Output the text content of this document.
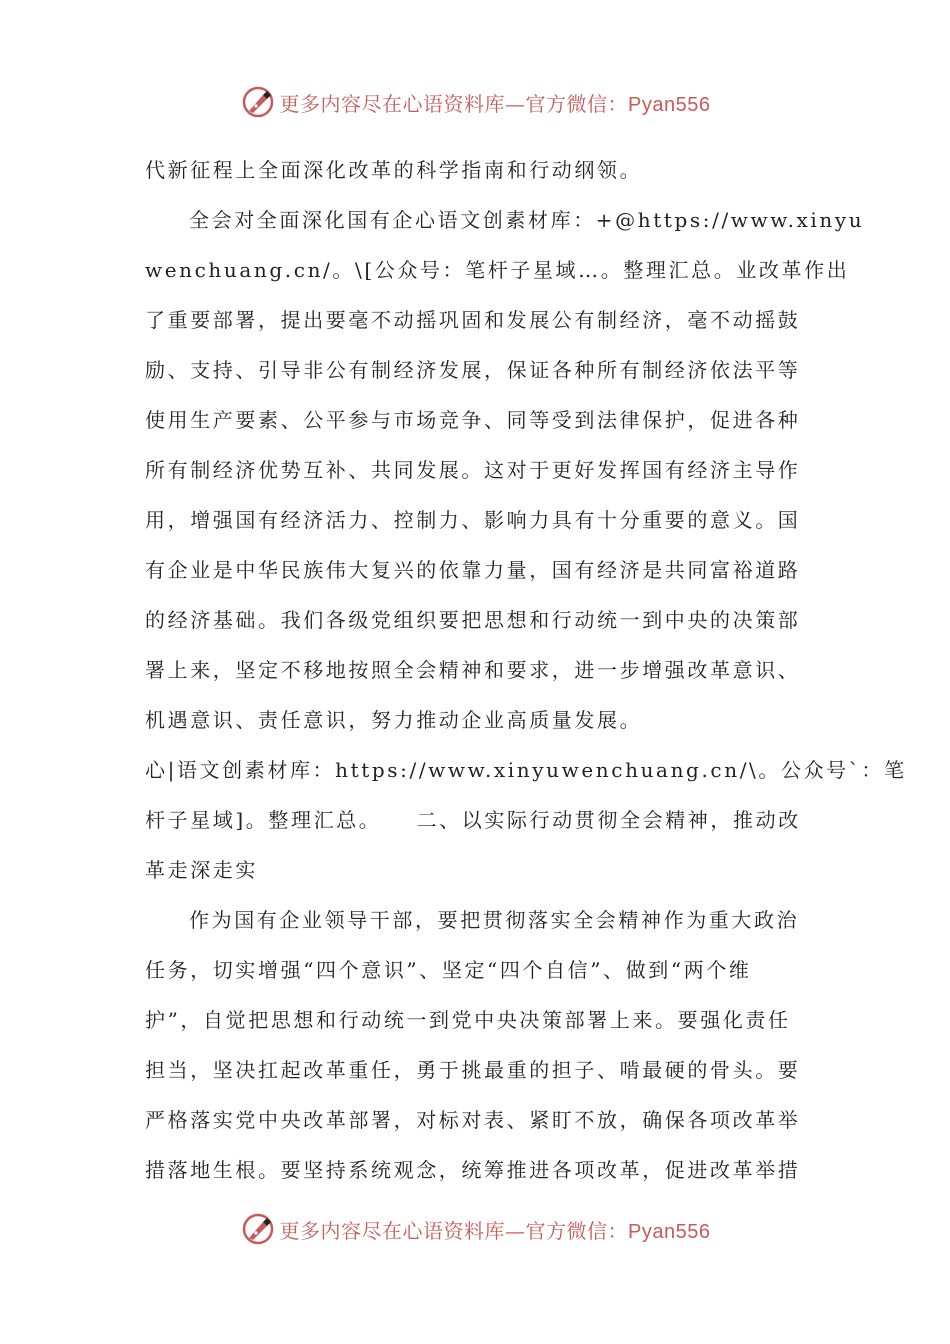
更多内容尽在心语资料库—官方微信：Pyan556
代新征程上全面深化改革的科学指南和行动纲领。
全会对全面深化国有企心语文创素材库：+@https://www.xinyu
wenchuang.cn/。\[公众号：笔杆子星域…。整理汇总。业改革作出
了重要部署，提出要毫不动摇巩固和发展公有制经济，毫不动摇鼓
励、支持、引导非公有制经济发展，保证各种所有制经济依法平等
使用生产要素、公平参与市场竞争、同等受到法律保护，促进各种
所有制经济优势互补、共同发展。这对于更好发挥国有经济主导作
用，增强国有经济活力、控制力、影响力具有十分重要的意义。国
有企业是中华民族伟大复兴的依靠力量，国有经济是共同富裕道路
的经济基础。我们各级党组织要把思想和行动统一到中央的决策部
署上来，坚定不移地按照全会精神和要求，进一步增强改革意识、
机遇意识、责任意识，努力推动企业高质量发展。
心|语文创素材库：https://www.xinyuwenchuang.cn/\。公众号`：笔
杆子星域]。整理汇总。　　二、以实际行动贯彻全会精神，推动改
革走深走实
作为国有企业领导干部，要把贯彻落实全会精神作为重大政治
任务，切实增强“四个意识”、坚定“四个自信”、做到“两个维
护”，自觉把思想和行动统一到党中央决策部署上来。要强化责任
担当，坚决扛起改革重任，勇于挑最重的担子、啃最硬的骨头。要
严格落实党中央改革部署，对标对表、紧盯不放，确保各项改革举
措落地生根。要坚持系统观念，统筹推进各项改革，促进改革举措
更多内容尽在心语资料库—官方微信：Pyan556
